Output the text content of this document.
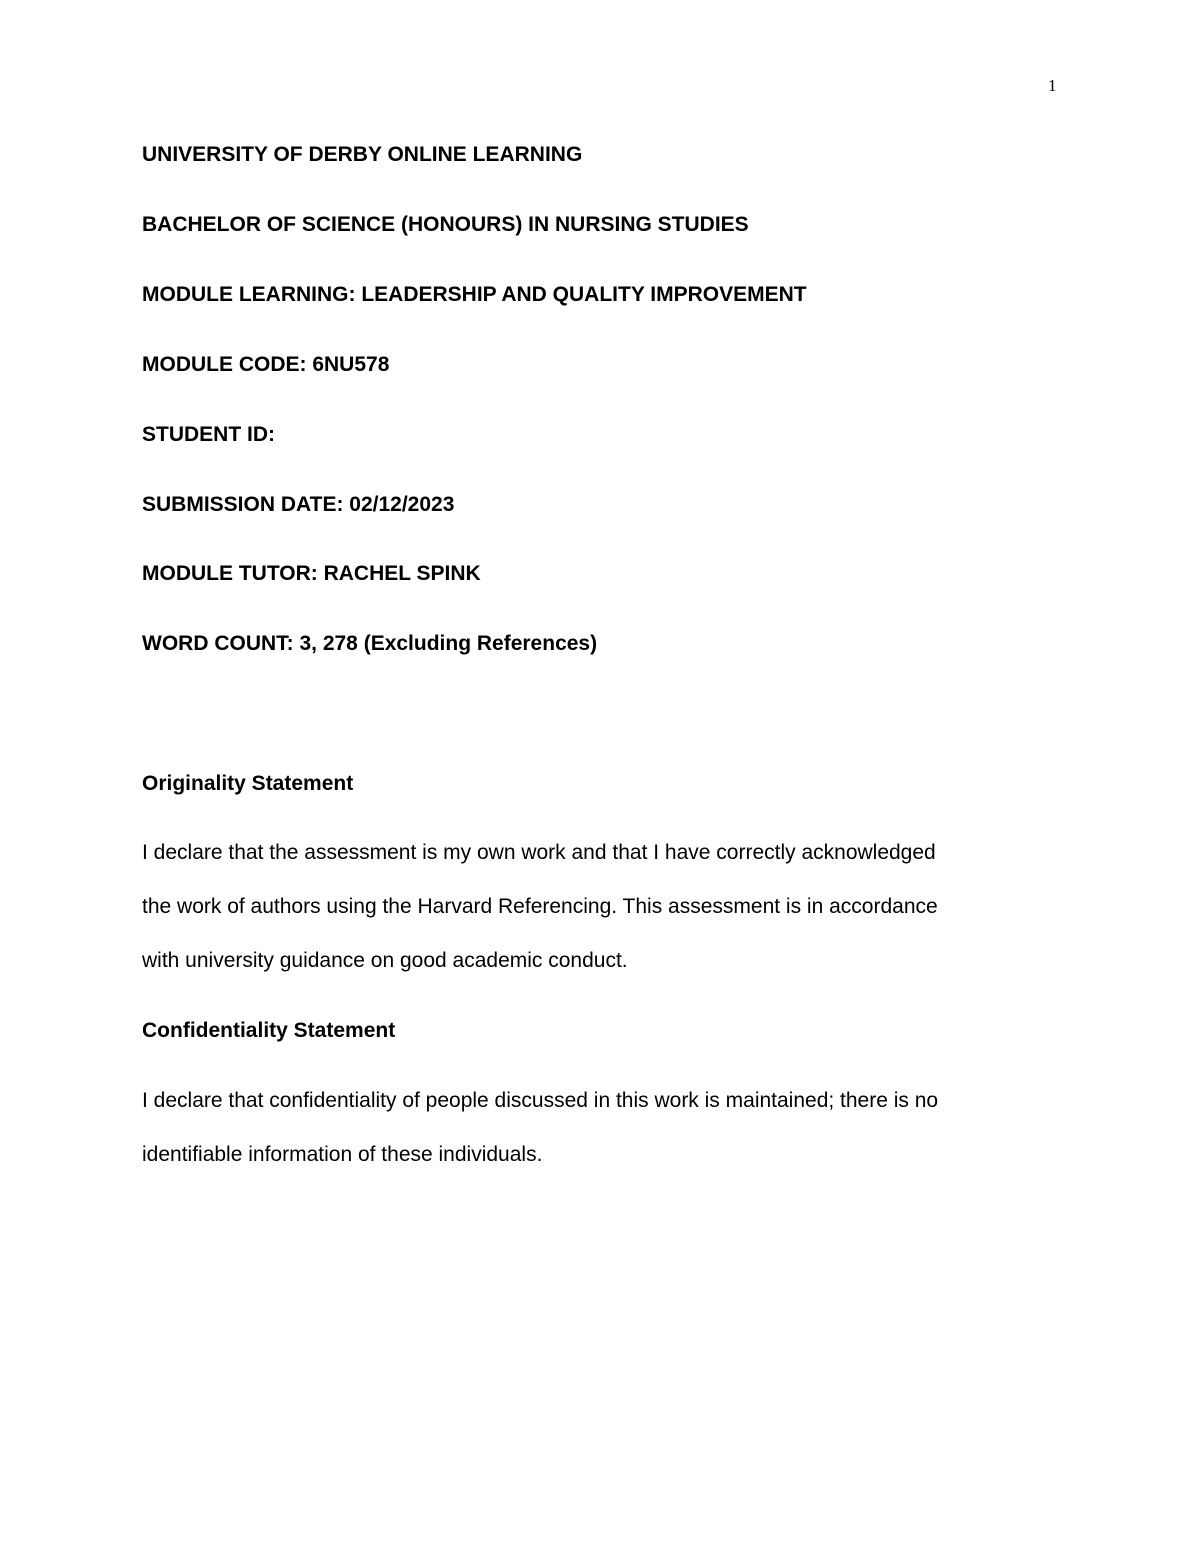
1
UNIVERSITY OF DERBY ONLINE LEARNING
BACHELOR OF SCIENCE (HONOURS) IN NURSING STUDIES
MODULE LEARNING: LEADERSHIP AND QUALITY IMPROVEMENT
MODULE CODE: 6NU578
STUDENT ID:
SUBMISSION DATE: 02/12/2023
MODULE TUTOR: RACHEL SPINK
WORD COUNT: 3, 278 (Excluding References)
Originality Statement
I declare that the assessment is my own work and that I have correctly acknowledged
the work of authors using the Harvard Referencing. This assessment is in accordance
with university guidance on good academic conduct.
Confidentiality Statement
I declare that confidentiality of people discussed in this work is maintained; there is no
identifiable information of these individuals.
